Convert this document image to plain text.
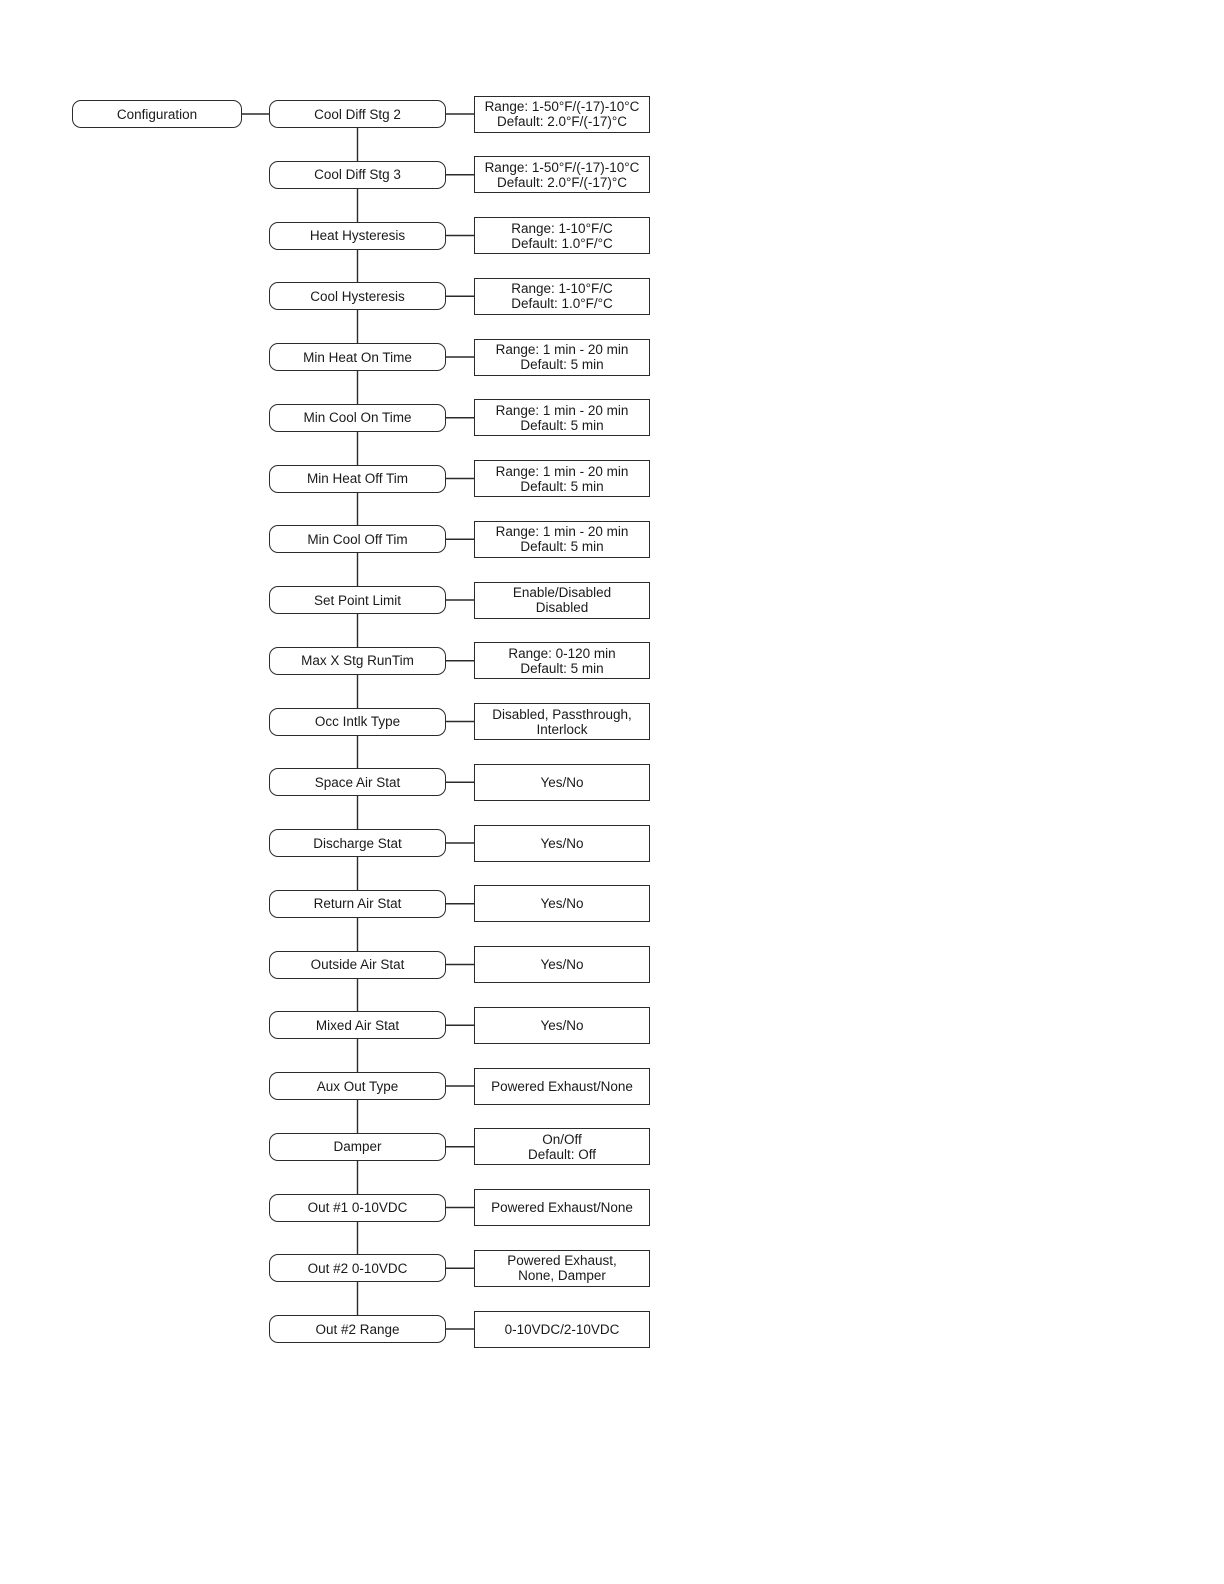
Configuration	Cool Diff Stg 2	Range: 1-50°F/(-17)-10°C
Default: 2.0°F/(-17)°C
Cool Diff Stg 3	Range: 1-50°F/(-17)-10°C
Default: 2.0°F/(-17)°C
Heat Hysteresis	Range: 1-10°F/C
Default: 1.0°F/°C
Cool Hysteresis	Range: 1-10°F/C
Default: 1.0°F/°C
Min Heat On Time	Range: 1 min - 20 min
Default: 5 min
Min Cool On Time	Range: 1 min - 20 min
Default: 5 min
Min Heat Off Tim	Range: 1 min - 20 min
Default: 5 min
Min Cool Off Tim	Range: 1 min - 20 min
Default: 5 min
Set Point Limit	Enable/Disabled
Disabled
Max X Stg RunTim	Range: 0-120 min
Default: 5 min
Occ Intlk Type	Disabled, Passthrough,
Interlock
Space Air Stat	Yes/No
Discharge Stat	Yes/No
Return Air Stat	Yes/No
Outside Air Stat	Yes/No
Mixed Air Stat	Yes/No
Aux Out Type	Powered Exhaust/None
Damper	On/Off
Default: Off
Out #1 0-10VDC	Powered Exhaust/None
Out #2 0-10VDC	Powered Exhaust,
None, Damper
Out #2 Range	0-10VDC/2-10VDC
